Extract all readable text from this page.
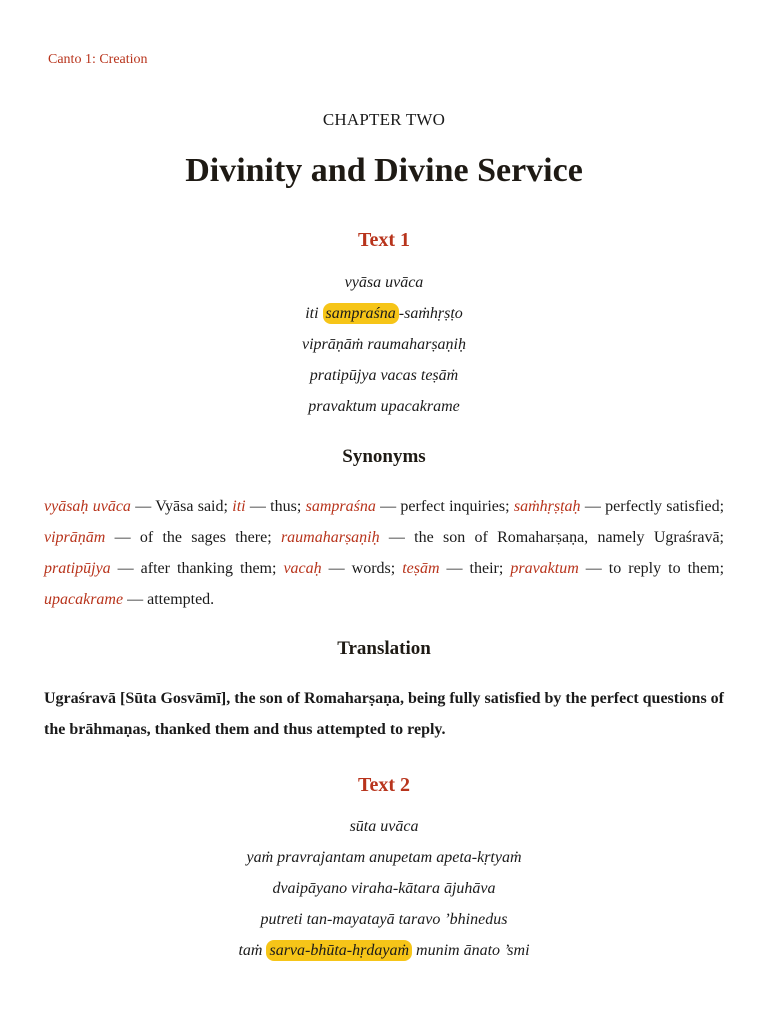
Canto 1: Creation
CHAPTER TWO
Divinity and Divine Service
Text 1
vyāsa uvāca
iti sampraśna -saṁhṛṣṭo
viprāṇāṁ raumaharṣaṇiḥ
pratipūjya vacas teṣāṁ
pravaktum upacakrame
Synonyms
vyāsaḥ uvāca — Vyāsa said; iti — thus; sampraśna — perfect inquiries; saṁhṛṣṭaḥ — perfectly satisfied; viprāṇām — of the sages there; raumaharṣaṇiḥ — the son of Romaharṣaṇa, namely Ugraśravā; pratipūjya — after thanking them; vacaḥ — words; teṣām — their; pravaktum — to reply to them; upacakrame — attempted.
Translation
Ugraśravā [Sūta Gosvāmī], the son of Romaharṣaṇa, being fully satisfied by the perfect questions of the brāhmaṇas, thanked them and thus attempted to reply.
Text 2
sūta uvāca
yaṁ pravrajantam anupetam apeta-kṛtyaṁ
dvaipāyano viraha-kātara ājuhāva
putreti tan-mayatayā taravo ’bhinedus
taṁ sarva-bhūta-hṛdayaṁ munim ānato ’smi
